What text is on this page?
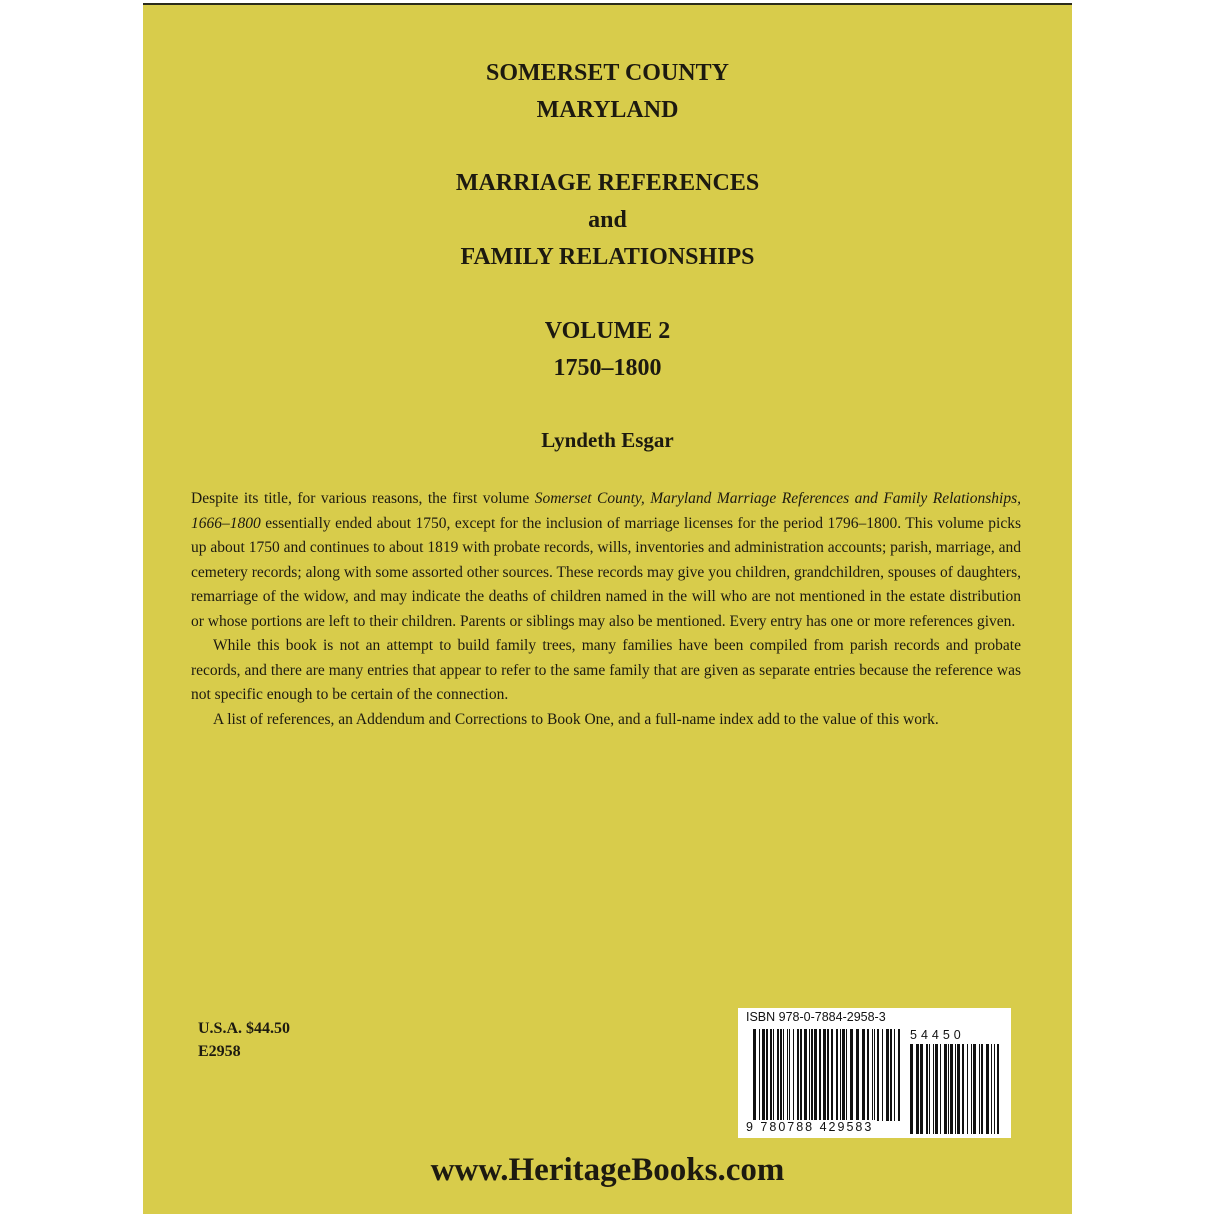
SOMERSET COUNTY
MARYLAND
MARRIAGE REFERENCES
and
FAMILY RELATIONSHIPS
VOLUME 2
1750–1800
Lyndeth Esgar

Despite its title, for various reasons, the first volume Somerset County, Maryland Marriage References and Family Relationships, 1666–1800 essentially ended about 1750, except for the inclusion of marriage licenses for the period 1796–1800. This volume picks up about 1750 and continues to about 1819 with probate records, wills, inventories and administration accounts; parish, marriage, and cemetery records; along with some assorted other sources. These records may give you children, grandchildren, spouses of daughters, remarriage of the widow, and may indicate the deaths of children named in the will who are not mentioned in the estate distribution or whose portions are left to their children. Parents or siblings may also be mentioned. Every entry has one or more references given.

While this book is not an attempt to build family trees, many families have been compiled from parish records and probate records, and there are many entries that appear to refer to the same family that are given as separate entries because the reference was not specific enough to be certain of the connection.

A list of references, an Addendum and Corrections to Book One, and a full-name index add to the value of this work.

U.S.A. $44.50
E2958
ISBN 978-0-7884-2958-3
54450
9 780788 429583
www.HeritageBooks.com
